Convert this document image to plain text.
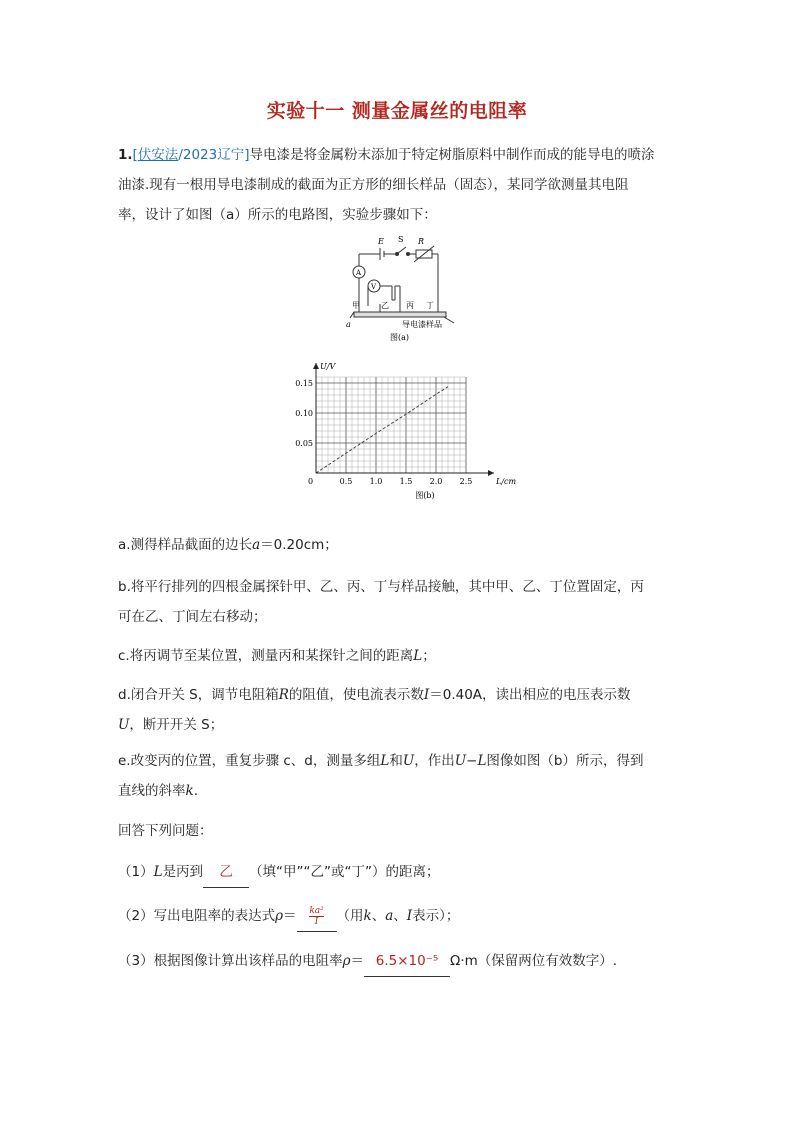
实验十一 测量金属丝的电阻率
1.[伏安法/2023辽宁]导电漆是将金属粉末添加于特定树脂原料中制作而成的能导电的喷涂
油漆.现有一根用导电漆制成的截面为正方形的细长样品（固态），某同学欲测量其电阻
率，设计了如图（a）所示的电路图，实验步骤如下：
E S R
A
V
甲	乙 丙 丁
a	导电漆样品
图(a)
U/V
L/cm
0	0.5 1.0 1.5 2.0 2.5
0.05
0.10
0.15
图(b)
a.测得样品截面的边长a＝0.20cm；
b.将平行排列的四根金属探针甲、乙、丙、丁与样品接触，其中甲、乙、丁位置固定，丙
可在乙、丁间左右移动；
c.将丙调节至某位置，测量丙和某探针之间的距离L；
d.闭合开关 S，调节电阻箱R的阻值，使电流表示数I＝0.40A，读出相应的电压表示数
U，断开开关 S；
e.改变丙的位置，重复步骤 c、d，测量多组L和U，作出U−L图像如图（b）所示，得到
直线的斜率k.
回答下列问题：
（1）L是丙到 乙 （填“甲”“乙”或“丁”）的距离；
（2）写出电阻率的表达式$\rho= \frac{\text{ka²}}{I}$ （用k、a、I表示）；
（3）根据图像计算出该样品的电阻率ρ＝ 6.5×10⁻⁵ Ω·m（保留两位有效数字）.
